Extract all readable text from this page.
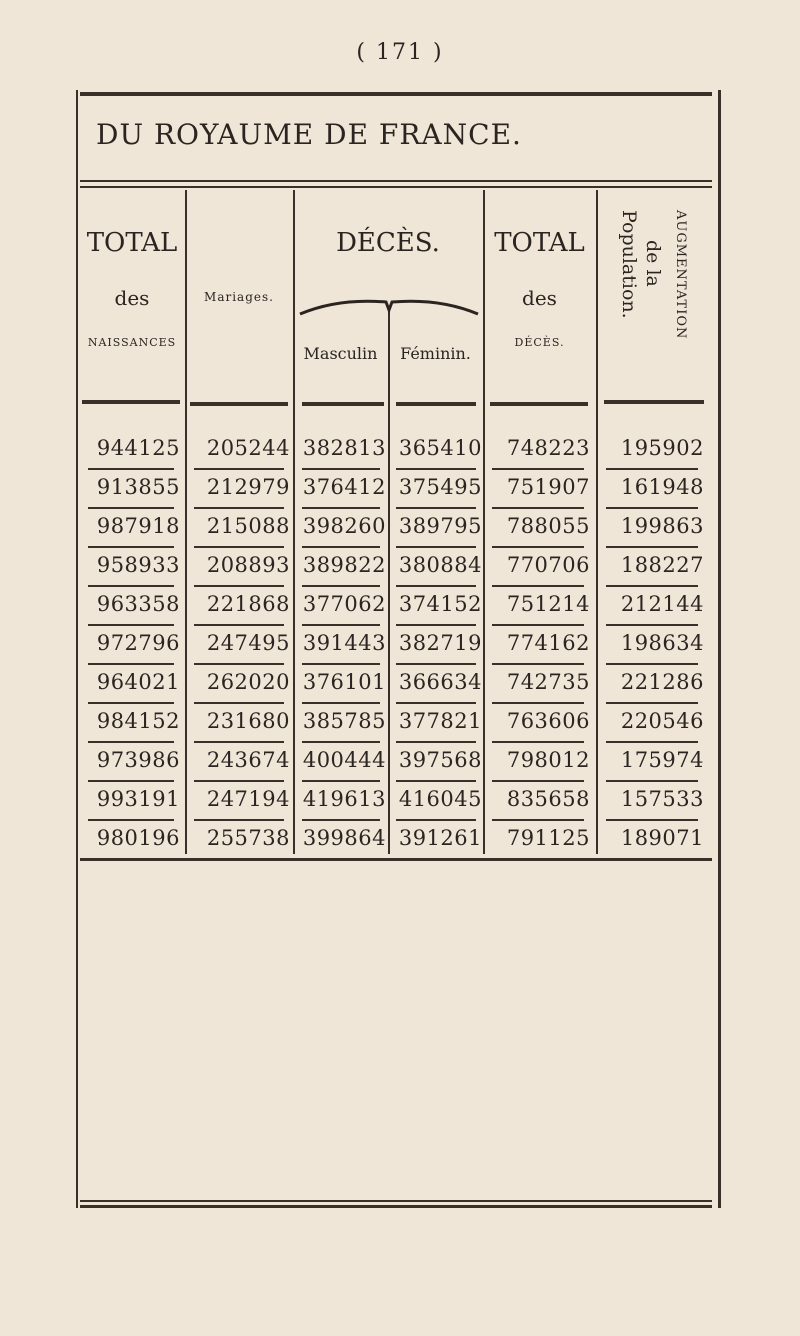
( 171 )
DU ROYAUME DE FRANCE.
TOTAL
des
NAISSANCES
Mariages.
DÉCÈS.
Masculin	Féminin.
TOTAL
des
DÉCÈS.
AUGMENTATION
de la
Population.
944125	205244 382813 365410	748223	195902
913855	212979 376412 375495	751907	161948
987918	215088 398260 389795	788055	199863
958933	208893 389822 380884	770706	188227
963358	221868 377062 374152	751214	212144
972796	247495 391443 382719	774162	198634
964021	262020 376101 366634	742735	221286
984152	231680 385785 377821	763606	220546
973986	243674 400444 397568	798012	175974
993191	247194 419613 416045	835658	157533
980196	255738 399864 391261	791125	189071
